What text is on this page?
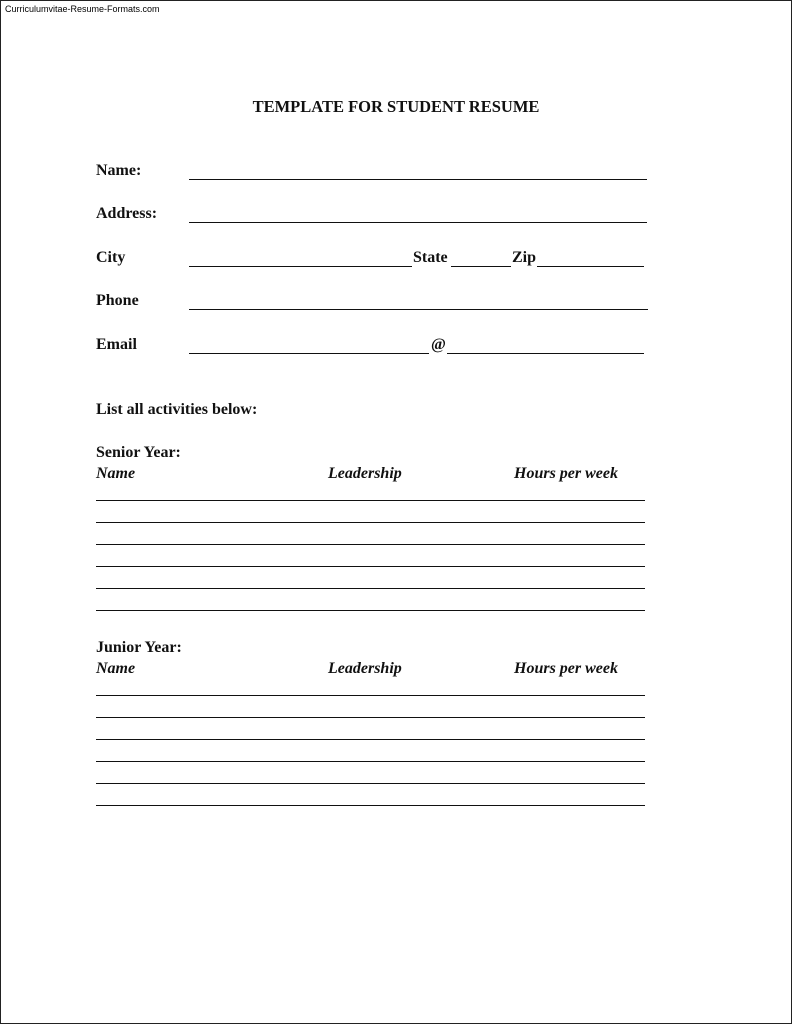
Curriculumvitae-Resume-Formats.com
TEMPLATE FOR STUDENT RESUME
Name:
Address:
City	State	Zip
Phone
Email	@
List all activities below:
Senior Year:
Name	Leadership	Hours per week
Junior Year:
Name	Leadership	Hours per week
